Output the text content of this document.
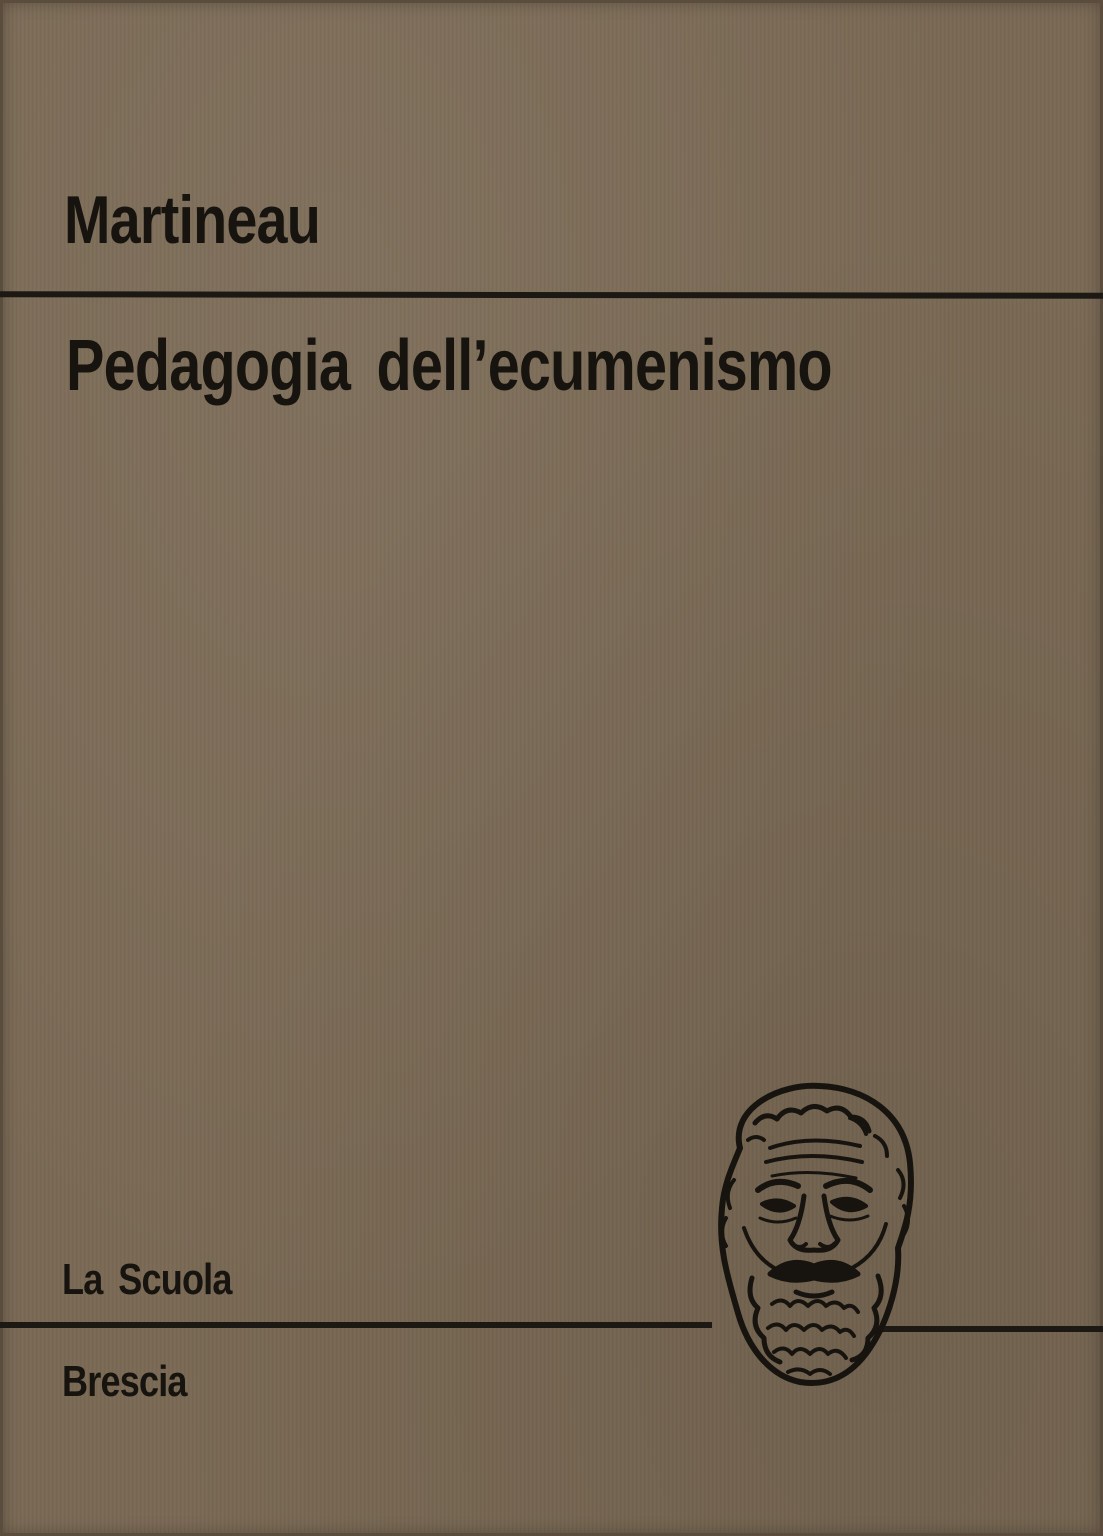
Martineau
Pedagogia dell’ecumenismo
La Scuola
Brescia
